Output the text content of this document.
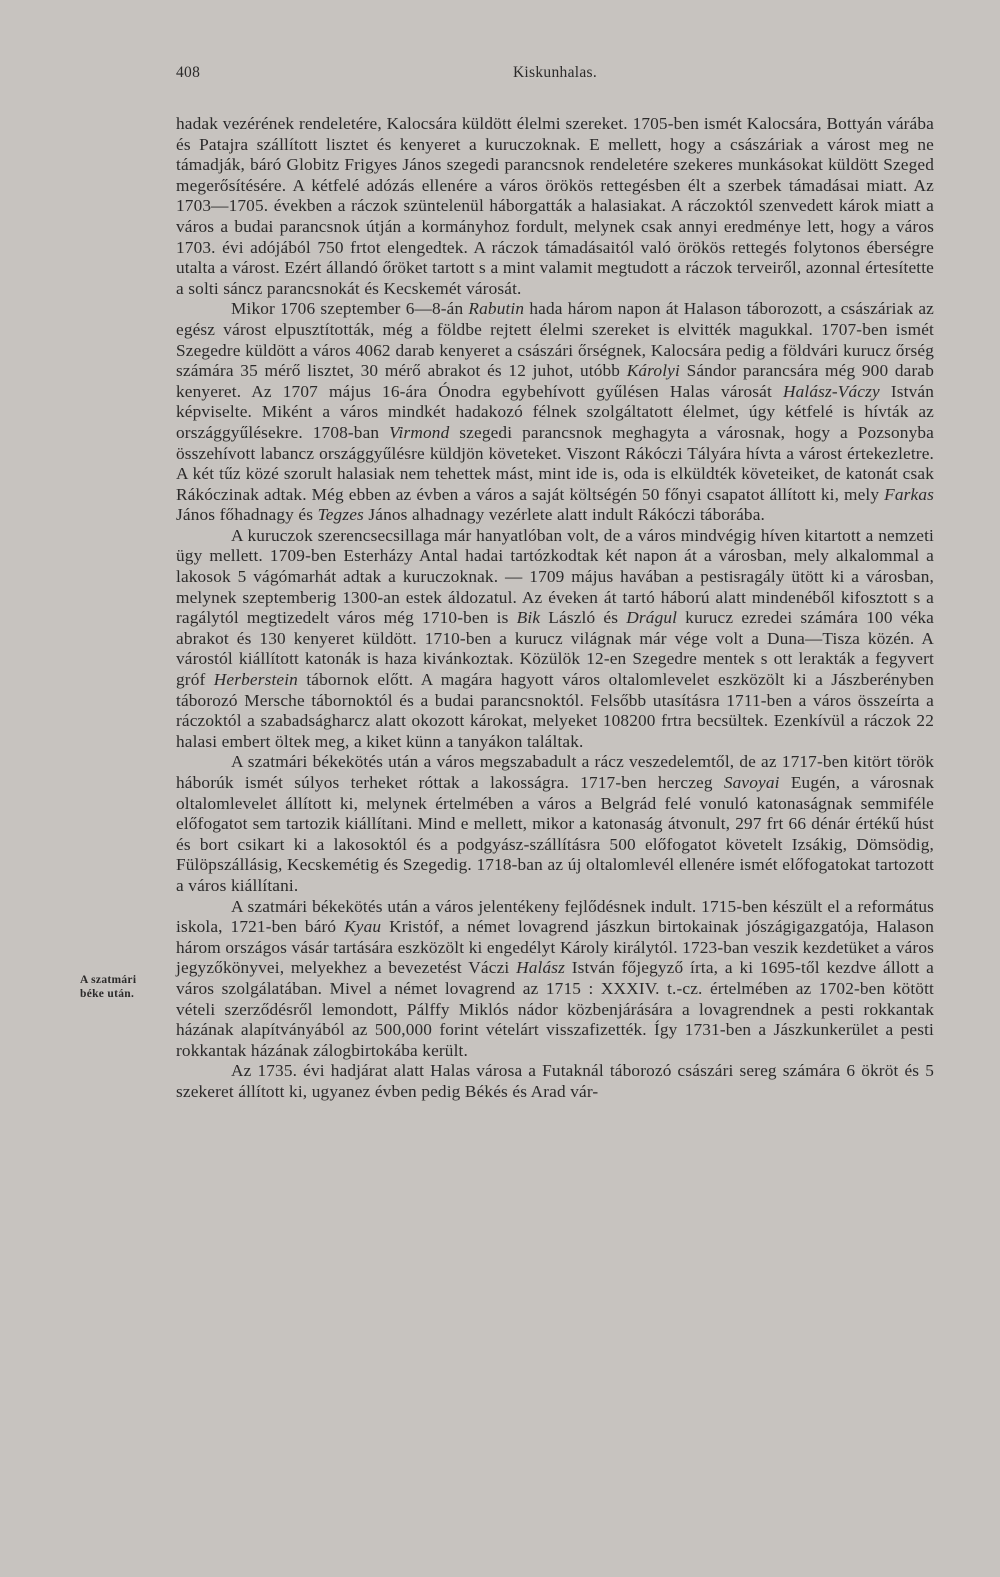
408	Kiskunhalas.
A szatmári
béke után.

hadak vezérének rendeletére, Kalocsára küldött élelmi szereket. 1705-ben ismét Kalocsára, Bottyán várába és Patajra szállított lisztet és kenyeret a kuruczoknak. E mellett, hogy a császáriak a várost meg ne támadják, báró Globitz Frigyes János szegedi parancsnok rendeletére szekeres munkásokat küldött Szeged megerősítésére. A kétfelé adózás ellenére a város örökös rettegésben élt a szerbek támadásai miatt. Az 1703—1705. években a ráczok szüntelenül háborgatták a halasiakat. A ráczoktól szenvedett károk miatt a város a budai parancsnok útján a kormányhoz fordult, melynek csak annyi eredménye lett, hogy a város 1703. évi adójából 750 frtot elengedtek. A ráczok támadásaitól való örökös rettegés folytonos éberségre utalta a várost. Ezért állandó őröket tartott s a mint valamit megtudott a ráczok terveiről, azonnal értesítette a solti sáncz parancsnokát és Kecskemét városát.

Mikor 1706 szeptember 6—8-án Rabutin hada három napon át Halason táborozott, a császáriak az egész várost elpusztították, még a földbe rejtett élelmi szereket is elvitték magukkal. 1707-ben ismét Szegedre küldött a város 4062 darab kenyeret a császári őrségnek, Kalocsára pedig a földvári kurucz őrség számára 35 mérő lisztet, 30 mérő abrakot és 12 juhot, utóbb Károlyi Sándor parancsára még 900 darab kenyeret. Az 1707 május 16-ára Ónodra egybehívott gyűlésen Halas városát Halász-Váczy István képviselte. Miként a város mindkét hadakozó félnek szolgáltatott élelmet, úgy kétfelé is hívták az országgyűlésekre. 1708-ban Virmond szegedi parancsnok meghagyta a városnak, hogy a Pozsonyba összehívott labancz országgyűlésre küldjön követeket. Viszont Rákóczi Tályára hívta a várost értekezletre. A két tűz közé szorult halasiak nem tehettek mást, mint ide is, oda is elküldték követeiket, de katonát csak Rákóczinak adtak. Még ebben az évben a város a saját költségén 50 főnyi csapatot állított ki, mely Farkas János főhadnagy és Tegzes János alhadnagy vezérlete alatt indult Rákóczi táborába.

A kuruczok szerencsecsillaga már hanyatlóban volt, de a város mindvégig híven kitartott a nemzeti ügy mellett. 1709-ben Esterházy Antal hadai tartózkodtak két napon át a városban, mely alkalommal a lakosok 5 vágómarhát adtak a kuruczoknak. — 1709 május havában a pestisragály ütött ki a városban, melynek szeptemberig 1300-an estek áldozatul. Az éveken át tartó háború alatt mindenéből kifosztott s a ragálytól megtizedelt város még 1710-ben is Bik László és Drágul kurucz ezredei számára 100 véka abrakot és 130 kenyeret küldött. 1710-ben a kurucz világnak már vége volt a Duna—Tisza közén. A várostól kiállított katonák is haza kivánkoztak. Közülök 12-en Szegedre mentek s ott lerakták a fegyvert gróf Herberstein tábornok előtt. A magára hagyott város oltalomlevelet eszközölt ki a Jászberényben táborozó Mersche tábornoktól és a budai parancsnoktól. Felsőbb utasításra 1711-ben a város összeírta a ráczoktól a szabadságharcz alatt okozott károkat, melyeket 108200 frtra becsültek. Ezenkívül a ráczok 22 halasi embert öltek meg, a kiket künn a tanyákon találtak.

A szatmári békekötés után a város megszabadult a rácz veszedelemtől, de az 1717-ben kitört török háborúk ismét súlyos terheket róttak a lakosságra. 1717-ben herczeg Savoyai Eugén, a városnak oltalomlevelet állított ki, melynek értelmében a város a Belgrád felé vonuló katonaságnak semmiféle előfogatot sem tartozik kiállítani. Mind e mellett, mikor a katonaság átvonult, 297 frt 66 dénár értékű húst és bort csikart ki a lakosoktól és a podgyász-szállításra 500 előfogatot követelt Izsákig, Dömsödig, Fülöpszállásig, Kecskemétig és Szegedig. 1718-ban az új oltalomlevél ellenére ismét előfogatokat tartozott a város kiállítani.

A szatmári békekötés után a város jelentékeny fejlődésnek indult. 1715-ben készült el a református iskola, 1721-ben báró Kyau Kristóf, a német lovagrend jászkun birtokainak jószágigazgatója, Halason három országos vásár tartására eszközölt ki engedélyt Károly királytól. 1723-ban veszik kezdetüket a város jegyzőkönyvei, melyekhez a bevezetést Váczi Halász István főjegyző írta, a ki 1695-től kezdve állott a város szolgálatában. Mivel a német lovagrend az 1715 : XXXIV. t.-cz. értelmében az 1702-ben kötött vételi szerződésről lemondott, Pálffy Miklós nádor közbenjárására a lovagrendnek a pesti rokkantak házának alapítványából az 500,000 forint vételárt visszafizették. Így 1731-ben a Jászkunkerület a pesti rokkantak házának zálogbirtokába került.

Az 1735. évi hadjárat alatt Halas városa a Futaknál táborozó császári sereg számára 6 ökröt és 5 szekeret állított ki, ugyanez évben pedig Békés és Arad vár-
